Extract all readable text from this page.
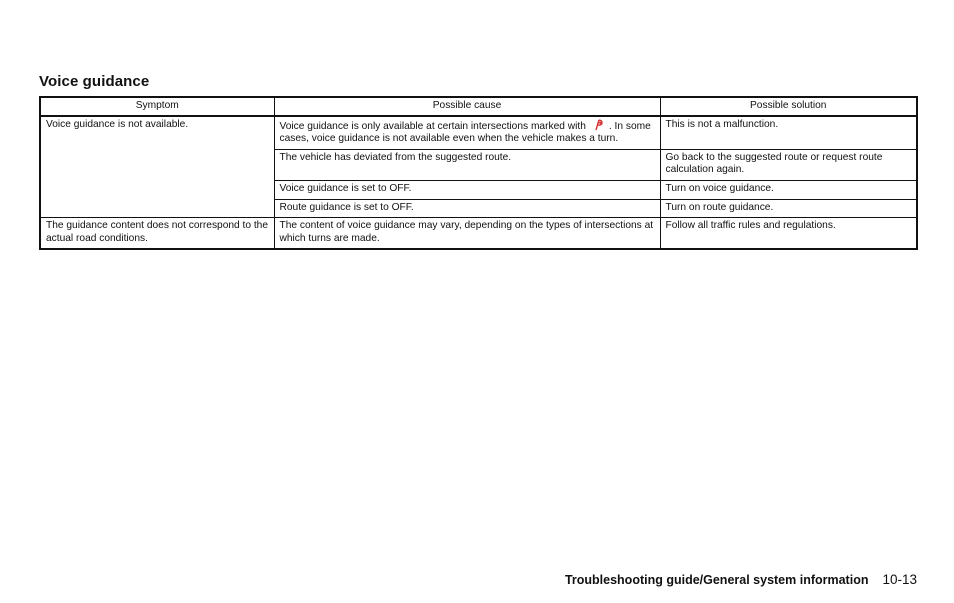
Voice guidance
Symptom	Possible cause	Possible solution
Voice guidance is not available.	Voice guidance is only available at certain intersections marked with . In some cases, voice guidance is not available even when the vehicle makes a turn.	This is not a malfunction.
	The vehicle has deviated from the suggested route.	Go back to the suggested route or request route calculation again.
	Voice guidance is set to OFF.	Turn on voice guidance.
	Route guidance is set to OFF.	Turn on route guidance.
The guidance content does not correspond to the actual road conditions.	The content of voice guidance may vary, depending on the types of intersections at which turns are made.	Follow all traffic rules and regulations.
Troubleshooting guide/General system information 10-13
